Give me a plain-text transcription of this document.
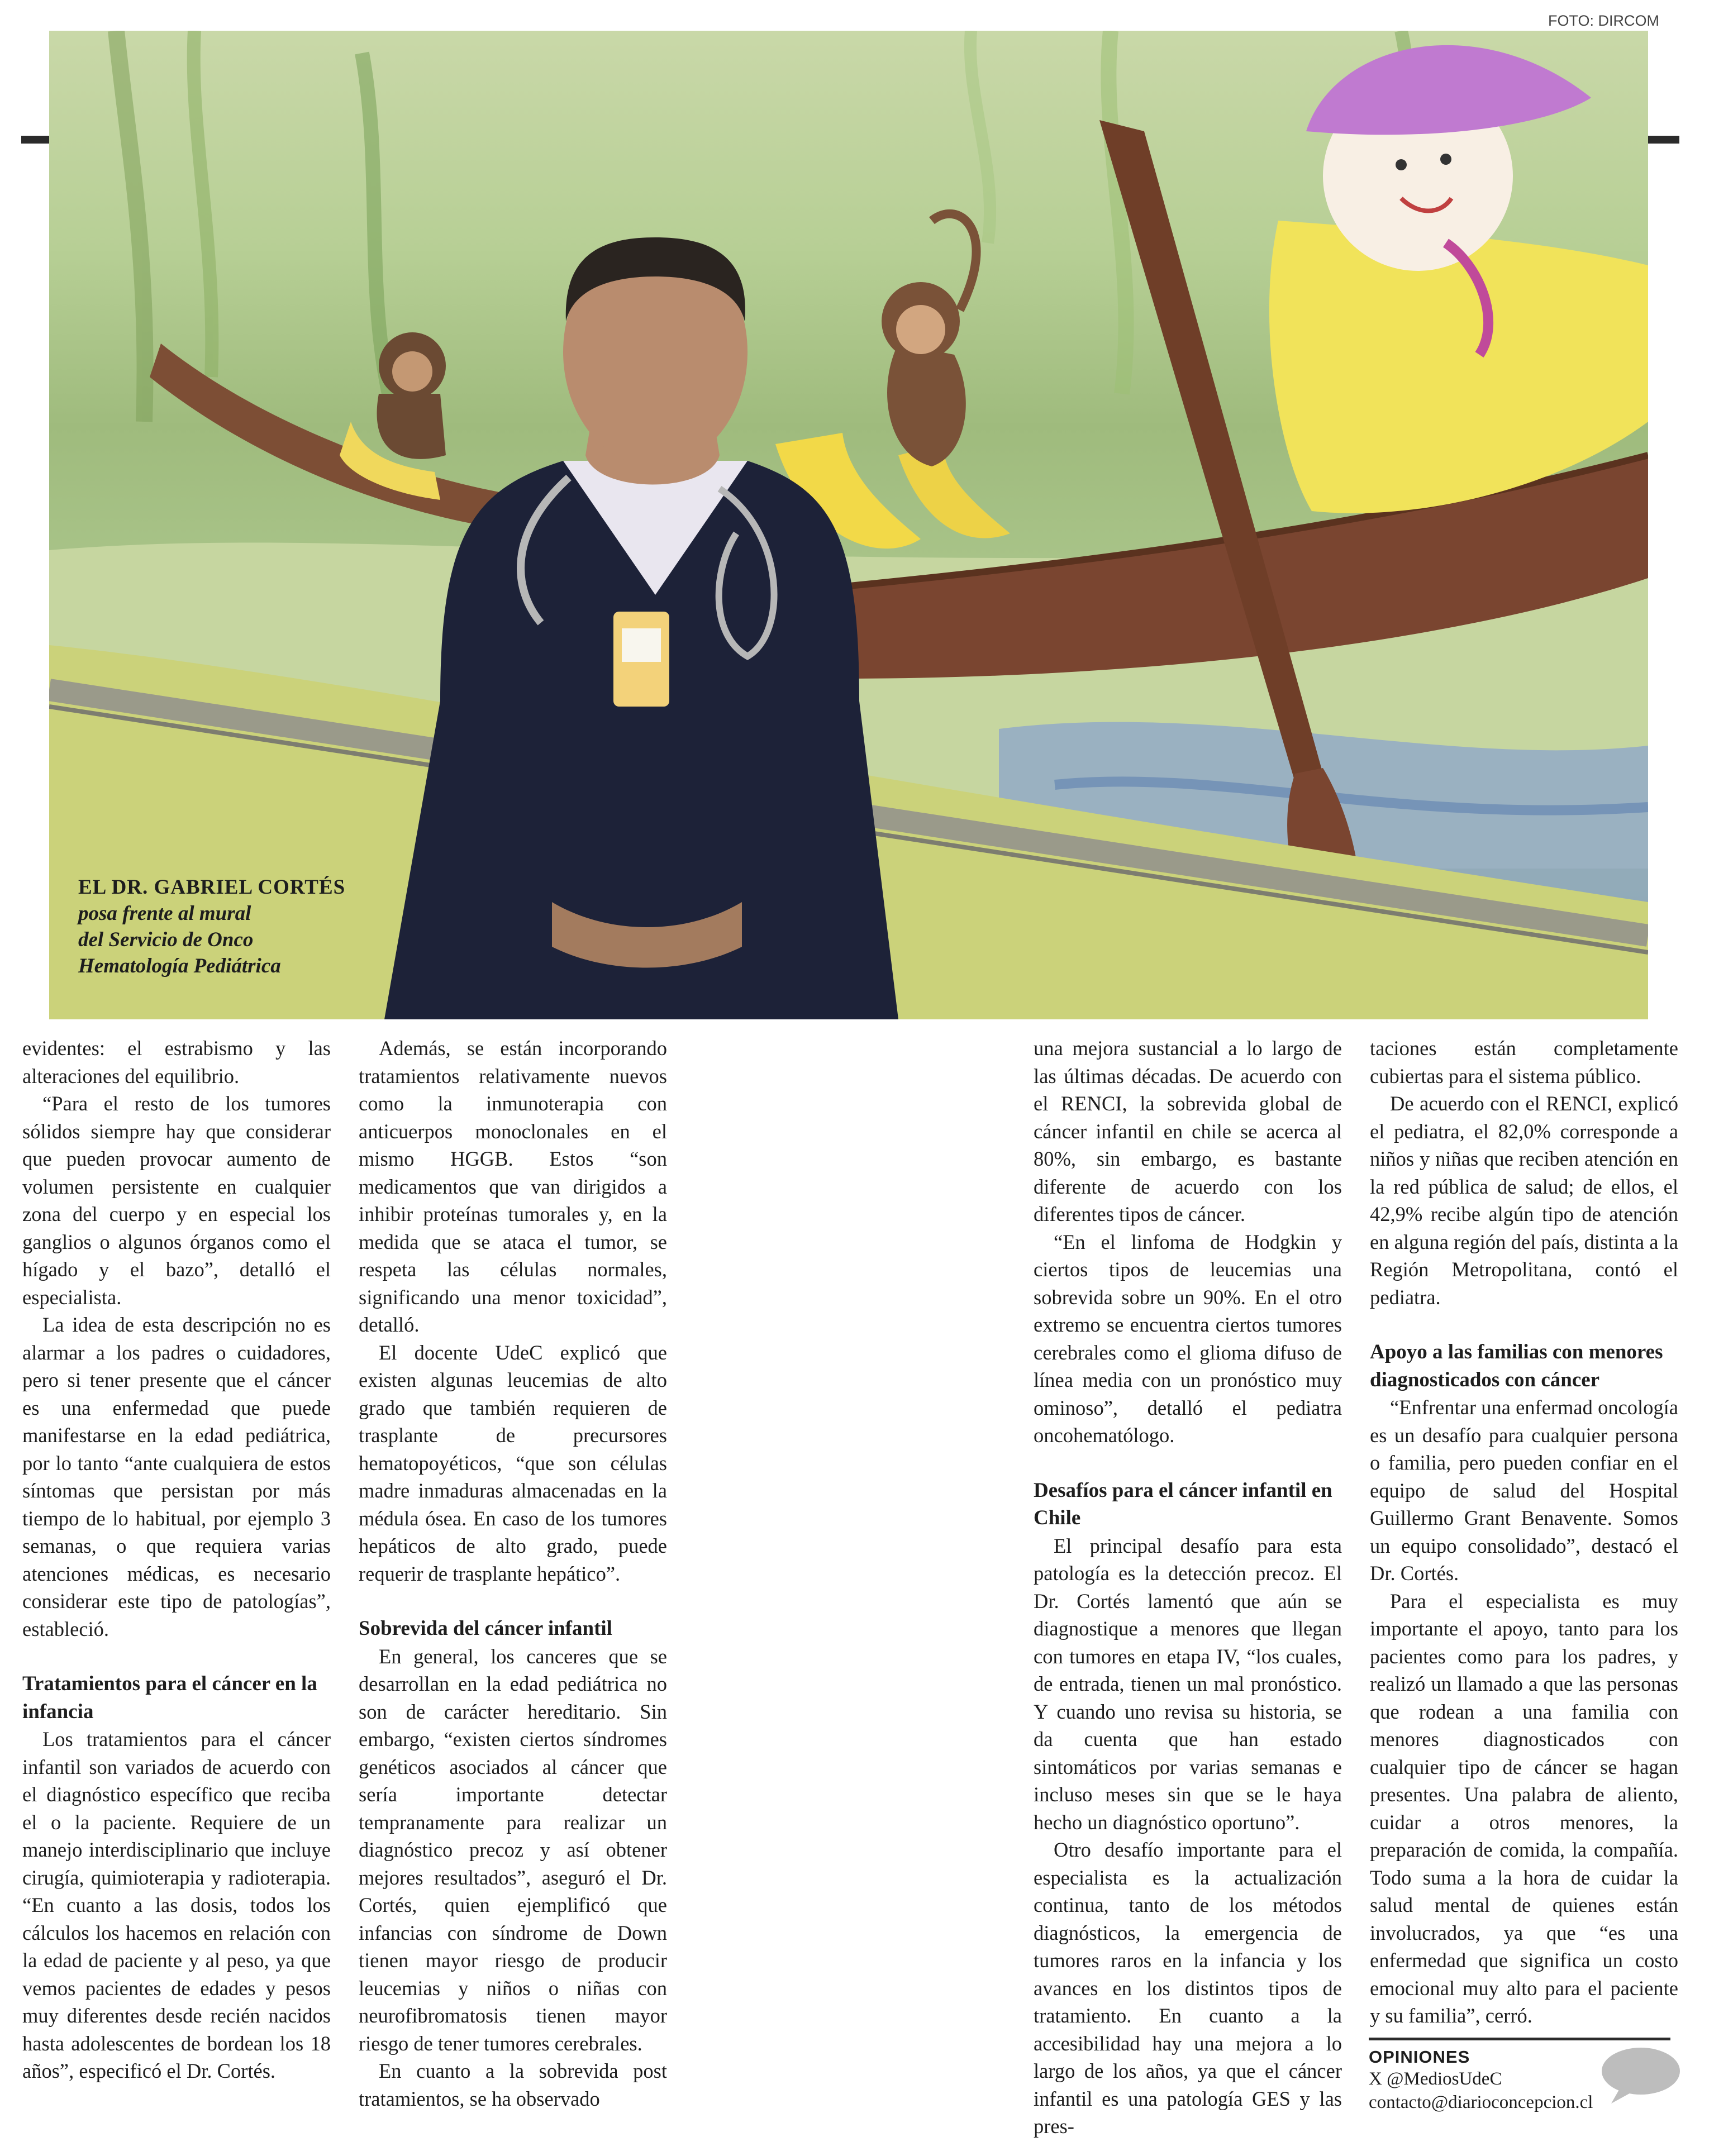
FOTO: DIRCOM
EL DR. GABRIEL CORTÉS
posa frente al mural
del Servicio de Onco
Hematología Pediátrica

evidentes: el estrabismo y las alteraciones del equilibrio.

“Para el resto de los tumores sólidos siempre hay que considerar que pueden provocar aumento de volumen persistente en cualquier zona del cuerpo y en especial los ganglios o algunos órganos como el hígado y el bazo”, detalló el especialista.

La idea de esta descripción no es alarmar a los padres o cuidadores, pero si tener presente que el cáncer es una enfermedad que puede manifestarse en la edad pediátrica, por lo tanto “ante cualquiera de estos síntomas que persistan por más tiempo de lo habitual, por ejemplo 3 semanas, o que requiera varias atenciones médicas, es necesario considerar este tipo de patologías”, estableció.

Tratamientos para el cáncer en la infancia

Los tratamientos para el cáncer infantil son variados de acuerdo con el diagnóstico específico que reciba el o la paciente. Requiere de un manejo interdisciplinario que incluye cirugía, quimioterapia y radioterapia. “En cuanto a las dosis, todos los cálculos los hacemos en relación con la edad de paciente y al peso, ya que vemos pacientes de edades y pesos muy diferentes desde recién nacidos hasta adolescentes de bordean los 18 años”, especificó el Dr. Cortés.

Además, se están incorporando tratamientos relativamente nuevos como la inmunoterapia con anticuerpos monoclonales en el mismo HGGB. Estos “son medicamentos que van dirigidos a inhibir proteínas tumorales y, en la medida que se ataca el tumor, se respeta las células normales, significando una menor toxicidad”, detalló.

El docente UdeC explicó que existen algunas leucemias de alto grado que también requieren de trasplante de precursores hematopoyéticos, “que son células madre inmaduras almacenadas en la médula ósea. En caso de los tumores hepáticos de alto grado, puede requerir de trasplante hepático”.

Sobrevida del cáncer infantil

En general, los canceres que se desarrollan en la edad pediátrica no son de carácter hereditario. Sin embargo, “existen ciertos síndromes genéticos asociados al cáncer que sería importante detectar tempranamente para realizar un diagnóstico precoz y así obtener mejores resultados”, aseguró el Dr. Cortés, quien ejemplificó que infancias con síndrome de Down tienen mayor riesgo de producir leucemias y niños o niñas con neurofibromatosis tienen mayor riesgo de tener tumores cerebrales.

En cuanto a la sobrevida post tratamientos, se ha observado

una mejora sustancial a lo largo de las últimas décadas. De acuerdo con el RENCI, la sobrevida global de cáncer infantil en chile se acerca al 80%, sin embargo, es bastante diferente de acuerdo con los diferentes tipos de cáncer.

“En el linfoma de Hodgkin y ciertos tipos de leucemias una sobrevida sobre un 90%. En el otro extremo se encuentra ciertos tumores cerebrales como el glioma difuso de línea media con un pronóstico muy ominoso”, detalló el pediatra oncohematólogo.

Desafíos para el cáncer infantil en Chile

El principal desafío para esta patología es la detección precoz. El Dr. Cortés lamentó que aún se diagnostique a menores que llegan con tumores en etapa IV, “los cuales, de entrada, tienen un mal pronóstico. Y cuando uno revisa su historia, se da cuenta que han estado sintomáticos por varias semanas e incluso meses sin que se le haya hecho un diagnóstico oportuno”.

Otro desafío importante para el especialista es la actualización continua, tanto de los métodos diagnósticos, la emergencia de tumores raros en la infancia y los avances en los distintos tipos de tratamiento. En cuanto a la accesibilidad hay una mejora a lo largo de los años, ya que el cáncer infantil es una patología GES y las pres-

taciones están completamente cubiertas para el sistema público.

De acuerdo con el RENCI, explicó el pediatra, el 82,0% corresponde a niños y niñas que reciben atención en la red pública de salud; de ellos, el 42,9% recibe algún tipo de atención en alguna región del país, distinta a la Región Metropolitana, contó el pediatra.

Apoyo a las familias con menores diagnosticados con cáncer

“Enfrentar una enfermad oncología es un desafío para cualquier persona o familia, pero pueden confiar en el equipo de salud del Hospital Guillermo Grant Benavente. Somos un equipo consolidado”, destacó el Dr. Cortés.

Para el especialista es muy importante el apoyo, tanto para los pacientes como para los padres, y realizó un llamado a que las personas que rodean a una familia con menores diagnosticados con cualquier tipo de cáncer se hagan presentes. Una palabra de aliento, cuidar a otros menores, la preparación de comida, la compañía. Todo suma a la hora de cuidar la salud mental de quienes están involucrados, ya que “es una enfermedad que significa un costo emocional muy alto para el paciente y su familia”, cerró.

OPINIONES
X @MediosUdeC
contacto@diarioconcepcion.cl
